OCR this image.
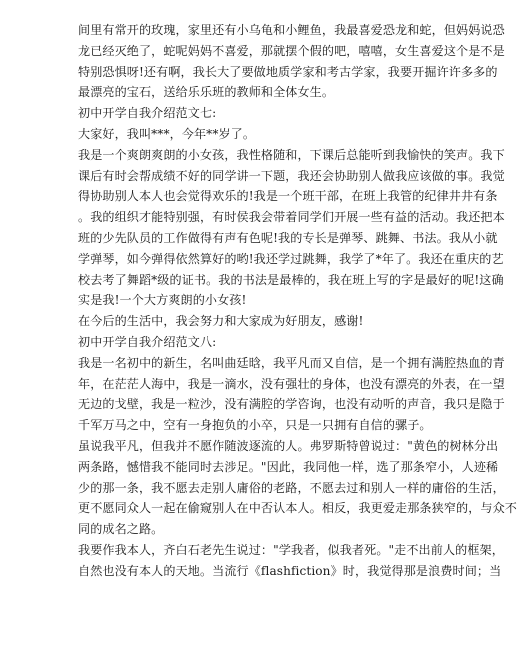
间里有常开的玫瑰，家里还有小乌龟和小鲤鱼，我最喜爱恐龙和蛇，但妈妈说恐
龙已经灭绝了，蛇呢妈妈不喜爱，那就摆个假的吧，嘻嘻，女生喜爱这个是不是
特别恐惧呀!还有啊，我长大了要做地质学家和考古学家，我要开掘许许多多的
最漂亮的宝石，送给乐乐班的教师和全体女生。
初中开学自我介绍范文七:
大家好，我叫***，今年**岁了。
我是一个爽朗爽朗的小女孩，我性格随和，下课后总能听到我愉快的笑声。我下
课后有时会帮成绩不好的同学讲一下题，我还会协助别人做我应该做的事。我觉
得协助别人本人也会觉得欢乐的!我是一个班干部，在班上我管的纪律井井有条
。我的组织才能特别强，有时侯我会带着同学们开展一些有益的活动。我还把本
班的少先队员的工作做得有声有色呢!我的专长是弹琴、跳舞、书法。我从小就
学弹琴，如今弹得依然算好的哟!我还学过跳舞，我学了*年了。我还在重庆的艺
校去考了舞蹈*级的证书。我的书法是最棒的，我在班上写的字是最好的呢!这确
实是我!一个大方爽朗的小女孩!
在今后的生活中，我会努力和大家成为好朋友，感谢!
初中开学自我介绍范文八:
我是一名初中的新生，名叫曲廷晗，我平凡而又自信，是一个拥有满腔热血的青
年，在茫茫人海中，我是一滴水，没有强壮的身体，也没有漂亮的外表，在一望
无边的戈壁，我是一粒沙，没有满腔的学咨询，也没有动听的声音，我只是隐于
千军万马之中，空有一身抱负的小卒，只是一只拥有自信的骡子。
虽说我平凡，但我并不愿作随波逐流的人。弗罗斯特曾说过："黄色的树林分出
两条路，憾惜我不能同时去涉足。"因此，我同他一样，选了那条窄小，人迹稀
少的那一条，我不愿去走别人庸俗的老路，不愿去过和别人一样的庸俗的生活，
更不愿同众人一起在偷窥别人在中否认本人。相反，我更爱走那条狭窄的，与众不
同的成名之路。
我要作我本人，齐白石老先生说过："学我者，似我者死。"走不出前人的框架，
自然也没有本人的天地。当流行《flashfiction》时，我觉得那是浪费时间；当
